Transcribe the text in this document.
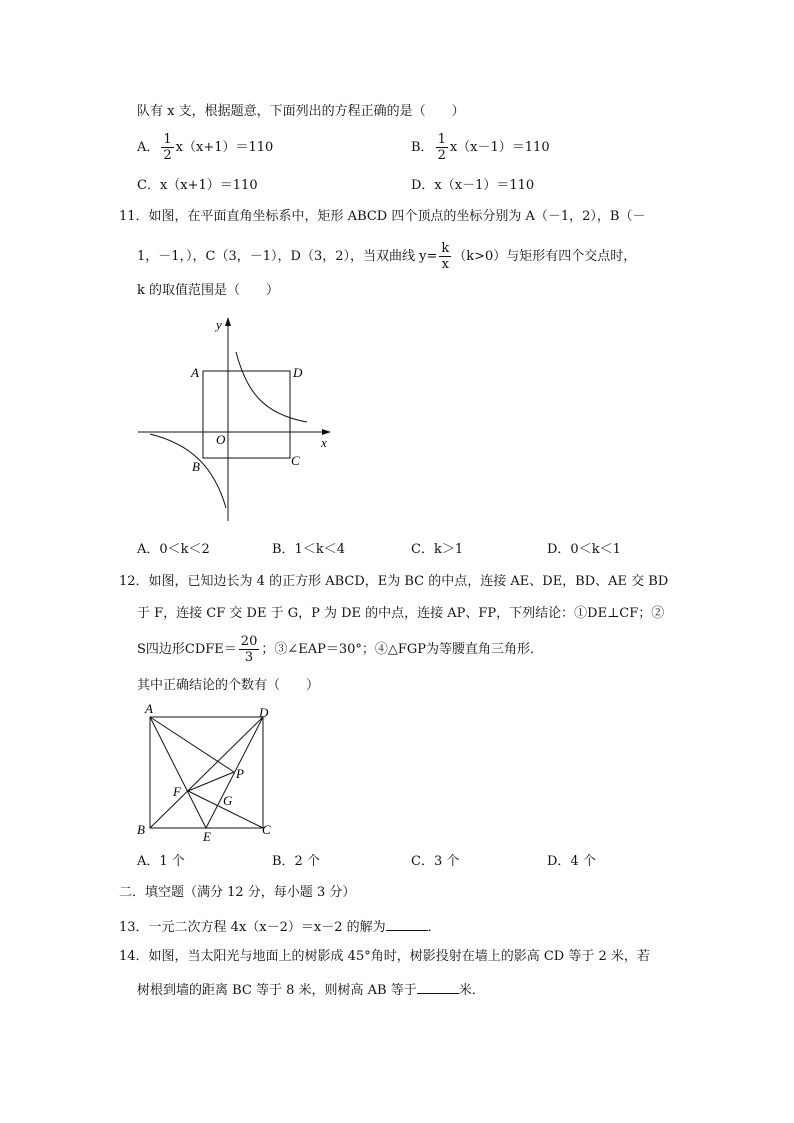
队有 x 支，根据题意，下面列出的方程正确的是（　　）
A． $\frac{1}{2} x(x+1)=110$	B． $\frac{1}{2} x(x-1)=110$
C．x（x+1）＝110	D．x（x－1）＝110
11．如图，在平面直角坐标系中，矩形 ABCD 四个顶点的坐标分别为 A（－1，2），B（－
1，－1，），C（3，－1），D（3，2），当双曲线 $y= \frac{k}{x} (k>0)$与矩形有四个交点时，
k 的取值范围是（　　）
y
x
O
A	D
B	C
A．0＜k＜2	B．1＜k＜4	C．k＞1	D．0＜k＜1
12．如图，已知边长为 4 的正方形 ABCD，E为 BC 的中点，连接 AE、DE，BD、AE 交 BD
于 F，连接 CF 交 DE 于 G，P 为 DE 的中点，连接 AP、FP，下列结论：①DE⊥CF；②
S四边形CDFE＝ $\frac{20}{3}$ ；③∠EAP＝30°；④△FGP为等腰直角三角形．
其中正确结论的个数有（　　）
A	D
B	C
E
F
G
P
A．1 个	B．2 个	C．3 个	D．4 个
二．填空题（满分 12 分，每小题 3 分）
13．一元二次方程 4x（x－2）＝x－2 的解为	．
14．如图，当太阳光与地面上的树影成 45°角时，树影投射在墙上的影高 CD 等于 2 米，若
树根到墙的距离 BC 等于 8 米，则树高 AB 等于	米．
